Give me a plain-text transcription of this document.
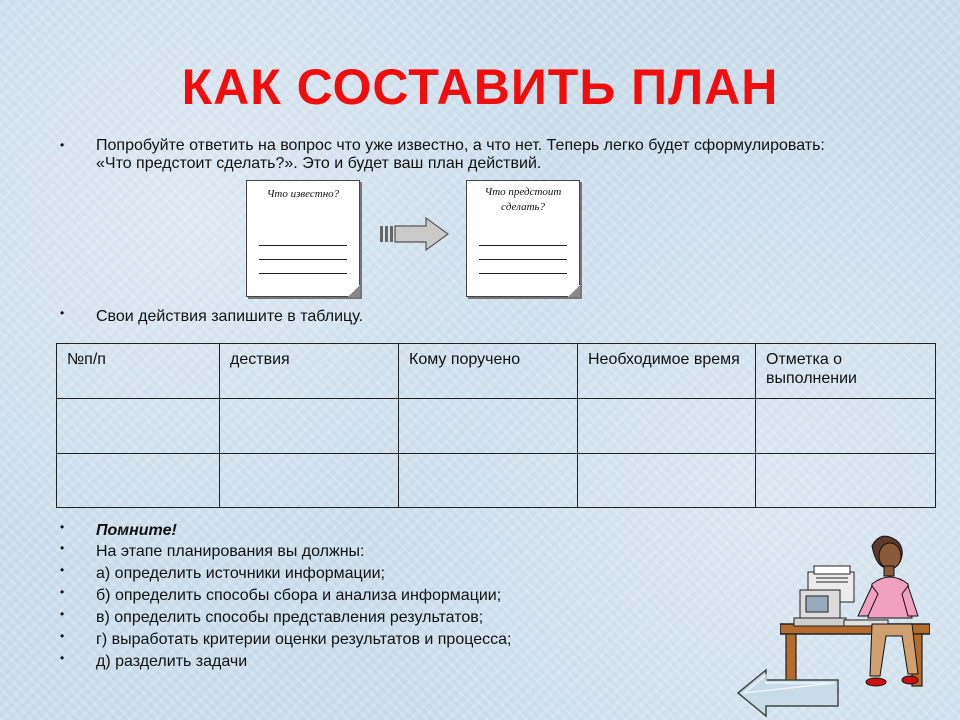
КАК СОСТАВИТЬ ПЛАН
• Попробуйте ответить на вопрос что уже известно, а что нет. Теперь легко будет сформулировать: «Что предстоит сделать?». Это и будет ваш план действий.
Что известно?	Что предстоит сделать?
• Свои действия запишите в таблицу.
№п/п	дествия	Кому поручено	Необходимое время	Отметка о выполнении

• Помните!
• На этапе планирования вы должны:
• а) определить источники информации;
• б) определить способы сбора и анализа информации;
• в) определить способы представления результатов;
• г) выработать критерии оценки результатов и процесса;
• д) разделить задачи
